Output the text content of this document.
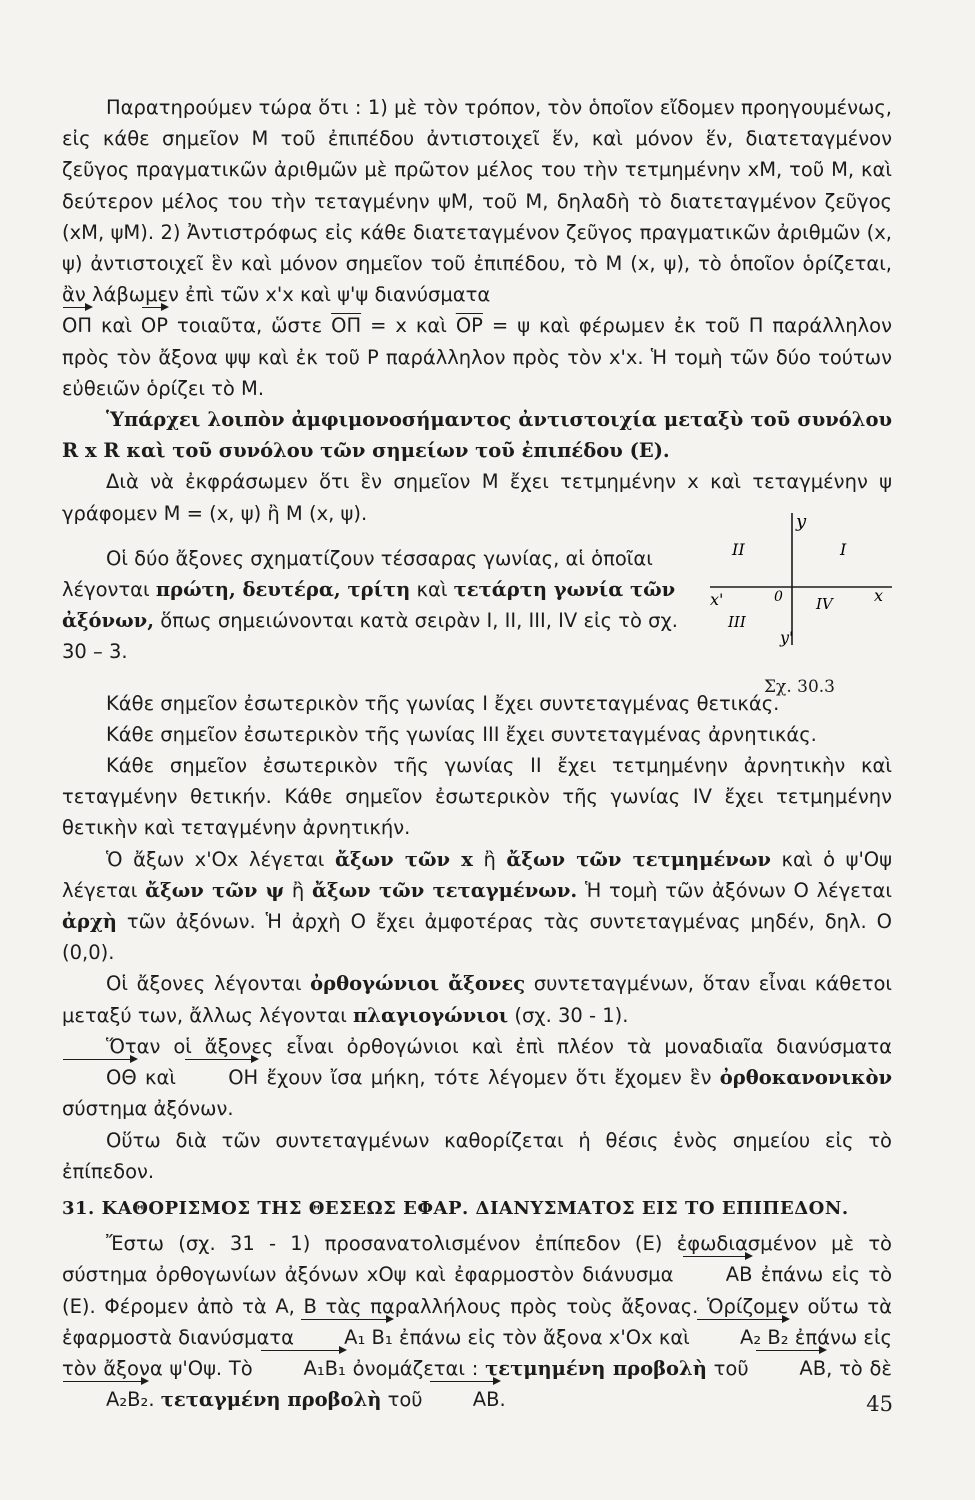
Παρατηρούμεν τώρα ὅτι : 1) μὲ τὸν τρόπον, τὸν ὁποῖον εἴδομεν προηγουμένως, εἰς κάθε σημεῖον Μ τοῦ ἐπιπέδου ἀντιστοιχεῖ ἕν, καὶ μόνον ἕν, διατεταγμένον ζεῦγος πραγματικῶν ἀριθμῶν μὲ πρῶτον μέλος του τὴν τετμημένην xΜ, τοῦ Μ, καὶ δεύτερον μέλος του τὴν τεταγμένην ψΜ, τοῦ Μ, δηλαδὴ τὸ διατεταγμένον ζεῦγος (xΜ, ψΜ). 2) Ἀντιστρόφως εἰς κάθε διατεταγμένον ζεῦγος πραγματικῶν ἀριθμῶν (x, ψ) ἀντιστοιχεῖ ἓν καὶ μόνον σημεῖον τοῦ ἐπιπέδου, τὸ Μ (x, ψ), τὸ ὁποῖον ὁρίζεται, ἂν λάβωμεν ἐπὶ τῶν x'x καὶ ψ'ψ διανύσματα

ΟΠ καὶ ΟΡ τοιαῦτα, ὥστε $\overline{O\Pi} = x$ καὶ $\overline{OP} = \psi$ καὶ φέρωμεν ἐκ τοῦ Π παράλληλον πρὸς τὸν ἄξονα ψψ καὶ ἐκ τοῦ Ρ παράλληλον πρὸς τὸν x'x. Ἡ τομὴ τῶν δύο τούτων εὐθειῶν ὁρίζει τὸ Μ.

Ὑπάρχει λοιπὸν ἀμφιμονοσήμαντος ἀντιστοιχία μεταξὺ τοῦ συνόλου R x R καὶ τοῦ συνόλου τῶν σημείων τοῦ ἐπιπέδου (Ε).

Διὰ νὰ ἐκφράσωμεν ὅτι ἓν σημεῖον Μ ἔχει τετμημένην x καὶ τεταγμένην ψ γράφομεν Μ = (x, ψ) ἢ Μ (x, ψ).

Οἱ δύο ἄξονες σχηματίζουν τέσσαρας γωνίας, αἱ ὁποῖαι λέγονται πρώτη, δευτέρα, τρίτη καὶ τετάρτη γωνία τῶν ἀξόνων, ὅπως σημειώνονται κατὰ σειρὰν I, II, III, IV εἰς τὸ σχ. 30 – 3.

Κάθε σημεῖον ἐσωτερικὸν τῆς γωνίας I ἔχει συντεταγμένας θετικάς.

Κάθε σημεῖον ἐσωτερικὸν τῆς γωνίας III ἔχει συντεταγμένας ἀρνητικάς.

Κάθε σημεῖον ἐσωτερικὸν τῆς γωνίας II ἔχει τετμημένην ἀρνητικὴν καὶ τεταγμένην θετικήν. Κάθε σημεῖον ἐσωτερικὸν τῆς γωνίας IV ἔχει τετμημένην θετικὴν καὶ τεταγμένην ἀρνητικήν.

Ὁ ἄξων x'Ox λέγεται ἄξων τῶν x ἢ ἄξων τῶν τετμημένων καὶ ὁ ψ'Oψ λέγεται ἄξων τῶν ψ ἢ ἄξων τῶν τεταγμένων. Ἡ τομὴ τῶν ἀξόνων O λέγεται ἀρχὴ τῶν ἀξόνων. Ἡ ἀρχὴ O ἔχει ἀμφοτέρας τὰς συντεταγμένας μηδέν, δηλ. O (0,0).

Οἱ ἄξονες λέγονται ὀρθογώνιοι ἄξονες συντεταγμένων, ὅταν εἶναι κάθετοι μεταξύ των, ἄλλως λέγονται πλαγιογώνιοι (σχ. 30 - 1).

Ὅταν οἱ ἄξονες εἶναι ὀρθογώνιοι καὶ ἐπὶ πλέον τὰ μοναδιαῖα διανύσματα ΟΘ καὶ	ΟΗ ἔχουν ἴσα μήκη, τότε λέγομεν ὅτι ἔχομεν ἓν ὀρθοκανονικὸν σύστημα ἀξόνων.

Οὕτω διὰ τῶν συντεταγμένων καθορίζεται ἡ θέσις ἑνὸς σημείου εἰς τὸ ἐπίπεδον.

31. ΚΑΘΟΡΙΣΜΟΣ ΤΗΣ ΘΕΣΕΩΣ ΕΦΑΡ. ΔΙΑΝΥΣΜΑΤΟΣ ΕΙΣ ΤΟ ΕΠΙΠΕΔΟΝ.

Ἔστω (σχ. 31 - 1) προσανατολισμένον ἐπίπεδον (Ε) ἐφωδιασμένον μὲ τὸ σύστημα ὀρθογωνίων ἀξόνων xOψ καὶ ἐφαρμοστὸν διάνυσμα	ΑΒ ἐπάνω εἰς τὸ (Ε). Φέρομεν ἀπὸ τὰ Α, Β τὰς παραλλήλους πρὸς τοὺς ἄξονας. Ὁρίζομεν οὕτω τὰ ἐφαρμοστὰ διανύσματα	Α₁ Β₁ ἐπάνω εἰς τὸν ἄξονα x'Ox καὶ	Α₂ Β₂ ἐπάνω εἰς τὸν ἄξονα ψ'Oψ. Τὸ	Α₁Β₁ ὀνομάζεται : τετμημένη προβολὴ τοῦ	ΑΒ, τὸ δὲ Α₂Β₂. τεταγμένη προβολὴ τοῦ	ΑΒ.

y
II	I
x'	0 IV	x
III
y'
Σχ. 30.3
45
